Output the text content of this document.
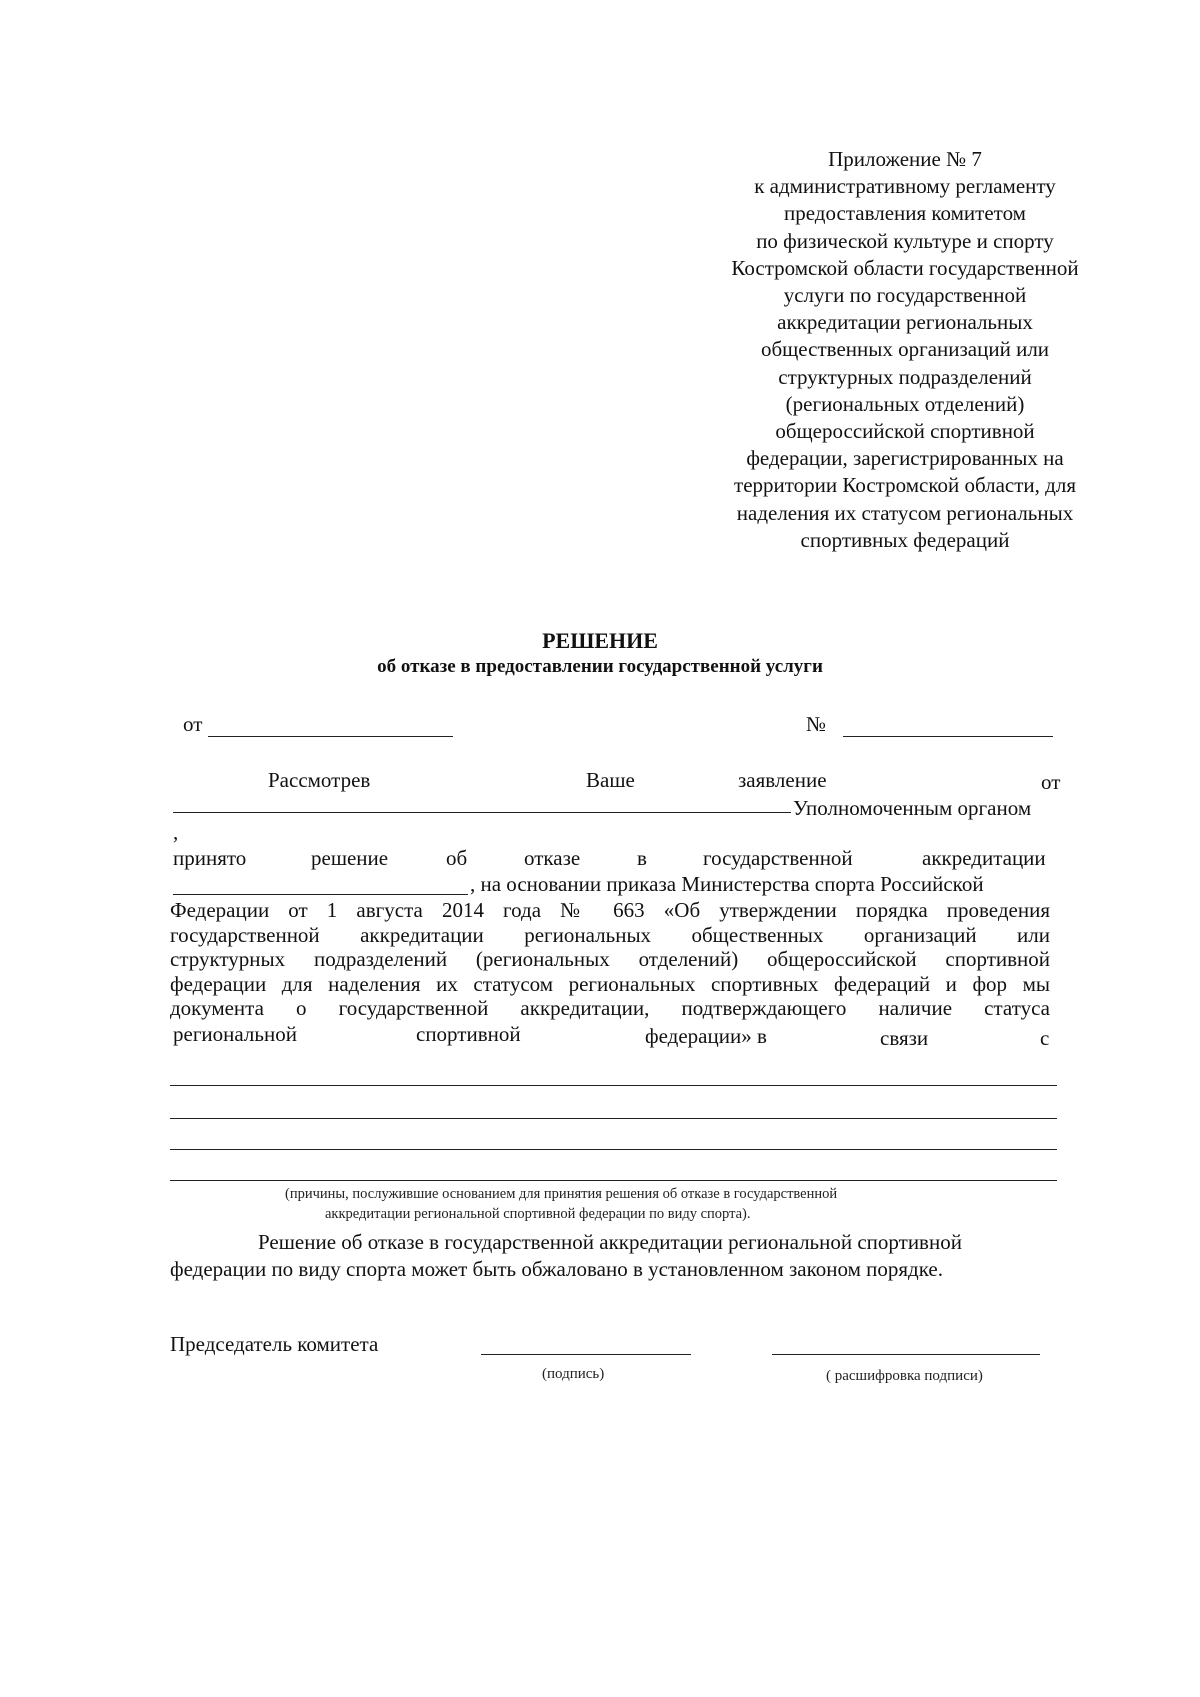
Приложение № 7
к административному регламенту
предоставления комитетом
по физической культуре и спорту
Костромской области государственной
услуги по государственной
аккредитации региональных
общественных организаций или
структурных подразделений
(региональных отделений)
общероссийской спортивной
федерации, зарегистрированных на
территории Костромской области, для
наделения их статусом региональных
спортивных федераций
РЕШЕНИЕ
об отказе в предоставлении государственной услуги
от	№
Рассмотрев	Ваше	заявление	от
Уполномоченным органом
,
принято	решение	об	отказе	в	государственной	аккредитации
, на основании приказа Министерства спорта Российской
Федерации от 1 августа 2014 года № 663 «Об утверждении порядка проведения
государственной аккредитации региональных общественных организаций или
структурных подразделений (региональных отделений) общероссийской спортивной
федерации для наделения их статусом региональных спортивных федераций и фор мы
документа о государственной аккредитации, подтверждающего наличие статуса
региональной	спортивной	федерации» в	связи	с
(причины, послужившие основанием для принятия решения об отказе в государственной
аккредитации региональной спортивной федерации по виду спорта).
Решение об отказе в государственной аккредитации региональной спортивной
федерации по виду спорта может быть обжаловано в установленном законом порядке.
Председатель комитета
(подпись)	( расшифровка подписи)
